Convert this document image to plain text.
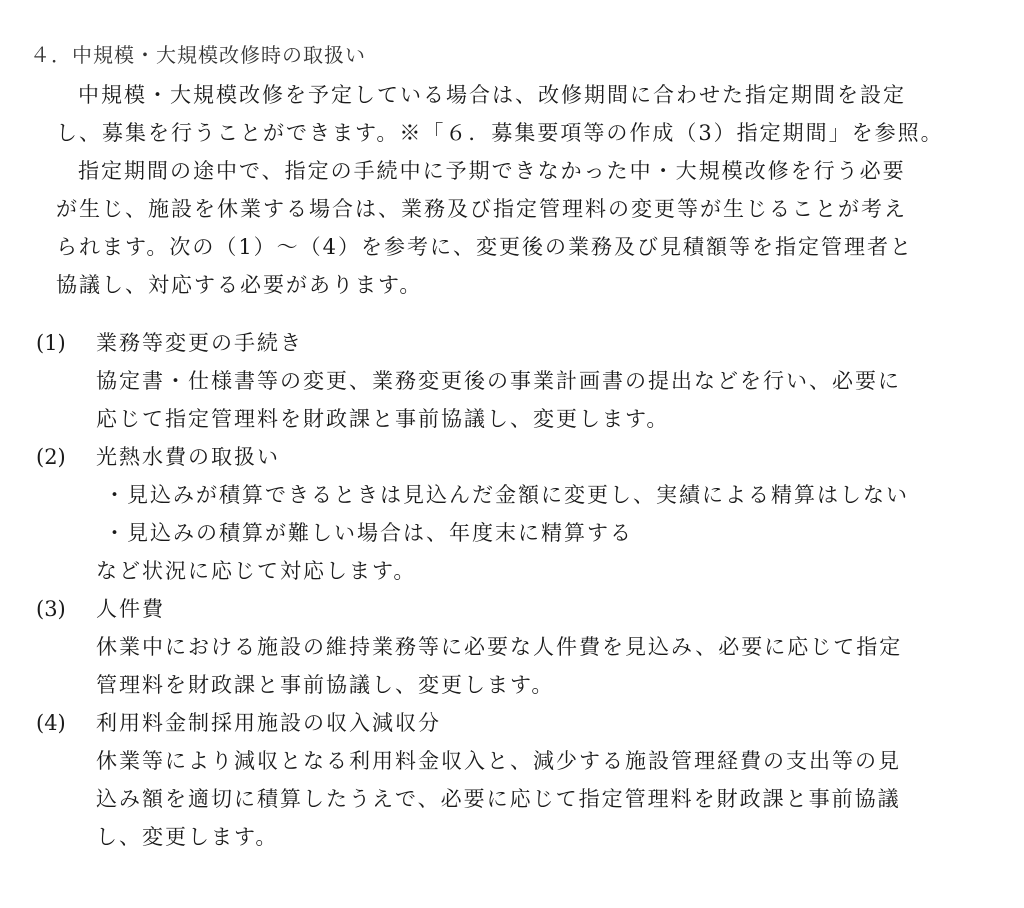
４．中規模・大規模改修時の取扱い
中規模・大規模改修を予定している場合は、改修期間に合わせた指定期間を設定
し、募集を行うことができます。※「６．募集要項等の作成（3）指定期間」を参照。
指定期間の途中で、指定の手続中に予期できなかった中・大規模改修を行う必要
が生じ、施設を休業する場合は、業務及び指定管理料の変更等が生じることが考え
られます。次の（1）～（4）を参考に、変更後の業務及び見積額等を指定管理者と
協議し、対応する必要があります。
(1) 業務等変更の手続き
協定書・仕様書等の変更、業務変更後の事業計画書の提出などを行い、必要に
応じて指定管理料を財政課と事前協議し、変更します。
(2) 光熱水費の取扱い
・見込みが積算できるときは見込んだ金額に変更し、実績による精算はしない
・見込みの積算が難しい場合は、年度末に精算する
など状況に応じて対応します。
(3) 人件費
休業中における施設の維持業務等に必要な人件費を見込み、必要に応じて指定
管理料を財政課と事前協議し、変更します。
(4) 利用料金制採用施設の収入減収分
休業等により減収となる利用料金収入と、減少する施設管理経費の支出等の見
込み額を適切に積算したうえで、必要に応じて指定管理料を財政課と事前協議
し、変更します。
